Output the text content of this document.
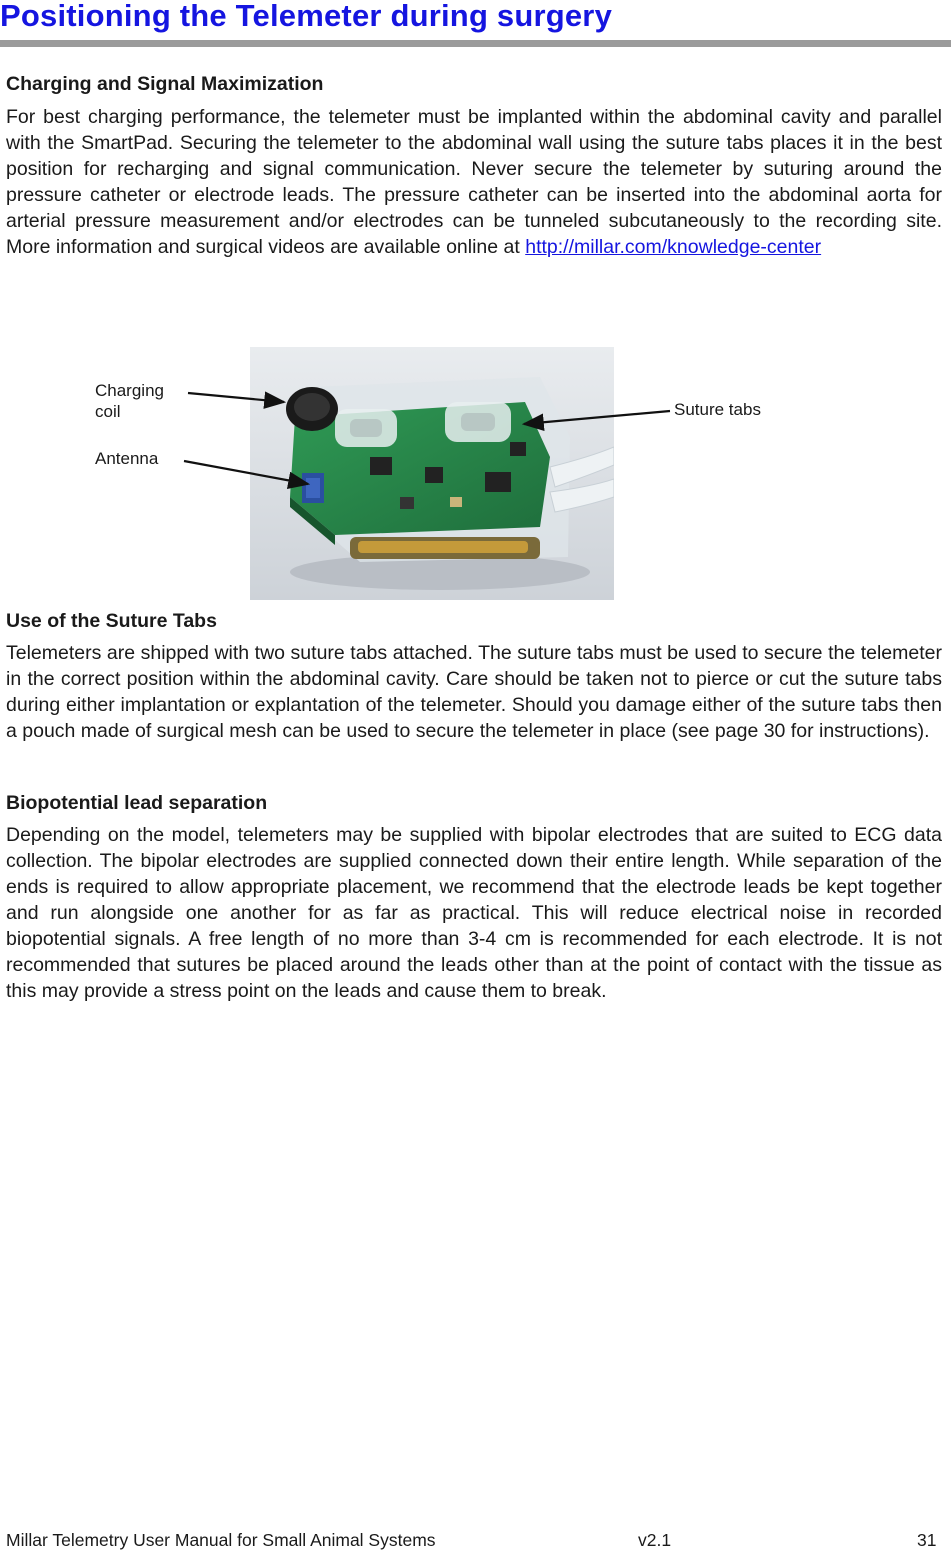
Positioning the Telemeter during surgery
Charging and Signal Maximization

For best charging performance, the telemeter must be implanted within the abdominal cavity and parallel with the SmartPad. Securing the telemeter to the abdominal wall using the suture tabs places it in the best position for recharging and signal communication. Never secure the telemeter by suturing around the pressure catheter or electrode leads. The pressure catheter can be inserted into the abdominal aorta for arterial pressure measurement and/or electrodes can be tunneled subcutaneously to the recording site. More information and surgical videos are available online at http://millar.com/knowledge-center

Charging
coil
Antenna
Suture tabs
Use of the Suture Tabs

Telemeters are shipped with two suture tabs attached. The suture tabs must be used to secure the telemeter in the correct position within the abdominal cavity. Care should be taken not to pierce or cut the suture tabs during either implantation or explantation of the telemeter. Should you damage either of the suture tabs then a pouch made of surgical mesh can be used to secure the telemeter in place (see page 30 for instructions).

Biopotential lead separation

Depending on the model, telemeters may be supplied with bipolar electrodes that are suited to ECG data collection. The bipolar electrodes are supplied connected down their entire length. While separation of the ends is required to allow appropriate placement, we recommend that the electrode leads be kept together and run alongside one another for as far as practical. This will reduce electrical noise in recorded biopotential signals. A free length of no more than 3-4 cm is recommended for each electrode. It is not recommended that sutures be placed around the leads other than at the point of contact with the tissue as this may provide a stress point on the leads and cause them to break.

Millar Telemetry User Manual for Small Animal Systems	v2.1	31
